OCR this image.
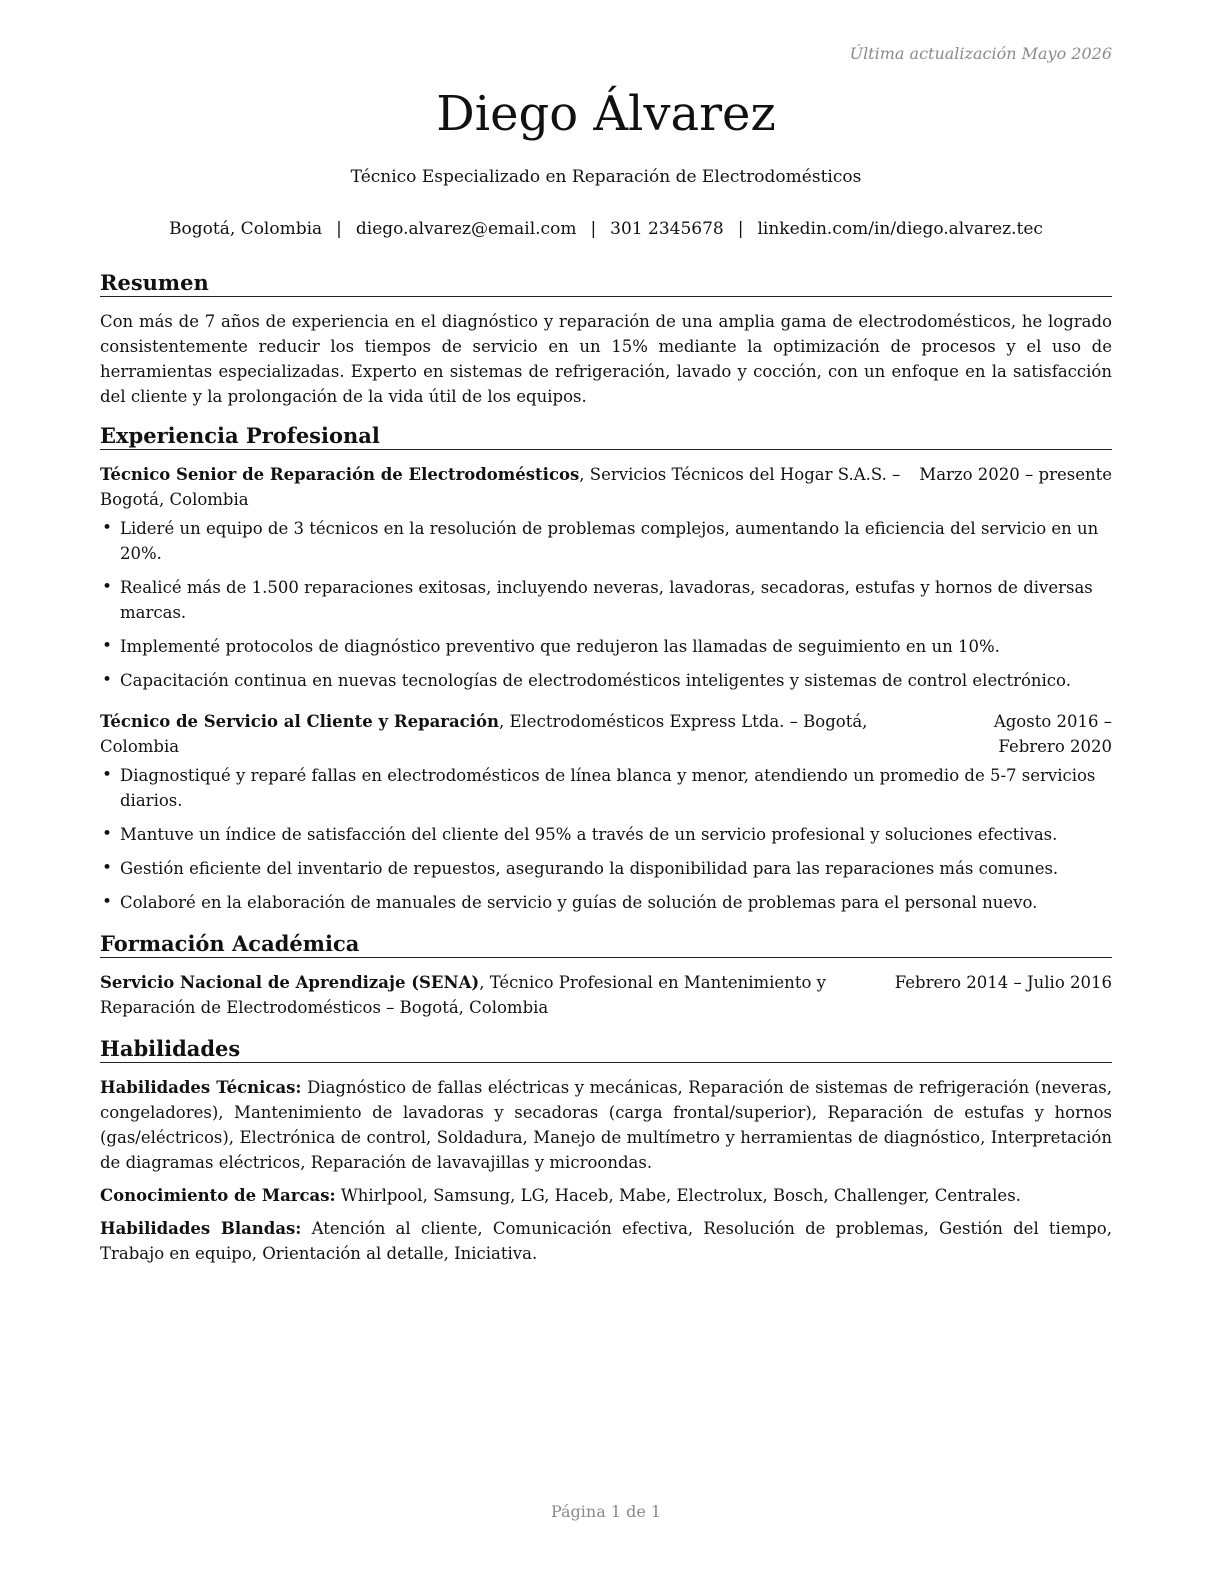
Última actualización Mayo 2026
Diego Álvarez
Técnico Especializado en Reparación de Electrodomésticos
Bogotá, Colombia | diego.alvarez@email.com | 301 2345678 | linkedin.com/in/diego.alvarez.tec
Resumen

Con más de 7 años de experiencia en el diagnóstico y reparación de una amplia gama de electrodomésticos, he logrado consistentemente reducir los tiempos de servicio en un 15% mediante la optimización de procesos y el uso de herramientas especializadas. Experto en sistemas de refrigeración, lavado y cocción, con un enfoque en la satisfacción del cliente y la prolongación de la vida útil de los equipos.

Experiencia Profesional
Técnico Senior de Reparación de Electrodomésticos, Servicios Técnicos del Hogar S.A.S. – Bogotá, Colombia
Marzo 2020 – presente
• Lideré un equipo de 3 técnicos en la resolución de problemas complejos, aumentando la eficiencia del servicio en un 20%.
• Realicé más de 1.500 reparaciones exitosas, incluyendo neveras, lavadoras, secadoras, estufas y hornos de diversas marcas.
• Implementé protocolos de diagnóstico preventivo que redujeron las llamadas de seguimiento en un 10%.
• Capacitación continua en nuevas tecnologías de electrodomésticos inteligentes y sistemas de control electrónico.
Técnico de Servicio al Cliente y Reparación, Electrodomésticos Express Ltda. – Bogotá, Colombia
Agosto 2016 – Febrero 2020
• Diagnostiqué y reparé fallas en electrodomésticos de línea blanca y menor, atendiendo un promedio de 5-7 servicios diarios.
• Mantuve un índice de satisfacción del cliente del 95% a través de un servicio profesional y soluciones efectivas.
• Gestión eficiente del inventario de repuestos, asegurando la disponibilidad para las reparaciones más comunes.
• Colaboré en la elaboración de manuales de servicio y guías de solución de problemas para el personal nuevo.
Formación Académica
Servicio Nacional de Aprendizaje (SENA), Técnico Profesional en Mantenimiento y Reparación de Electrodomésticos – Bogotá, Colombia
Febrero 2014 – Julio 2016
Habilidades

Habilidades Técnicas: Diagnóstico de fallas eléctricas y mecánicas, Reparación de sistemas de refrigeración (neveras, congeladores), Mantenimiento de lavadoras y secadoras (carga frontal/superior), Reparación de estufas y hornos (gas/eléctricos), Electrónica de control, Soldadura, Manejo de multímetro y herramientas de diagnóstico, Interpretación de diagramas eléctricos, Reparación de lavavajillas y microondas.

Conocimiento de Marcas: Whirlpool, Samsung, LG, Haceb, Mabe, Electrolux, Bosch, Challenger, Centrales.

Habilidades Blandas: Atención al cliente, Comunicación efectiva, Resolución de problemas, Gestión del tiempo, Trabajo en equipo, Orientación al detalle, Iniciativa.

Página 1 de 1
